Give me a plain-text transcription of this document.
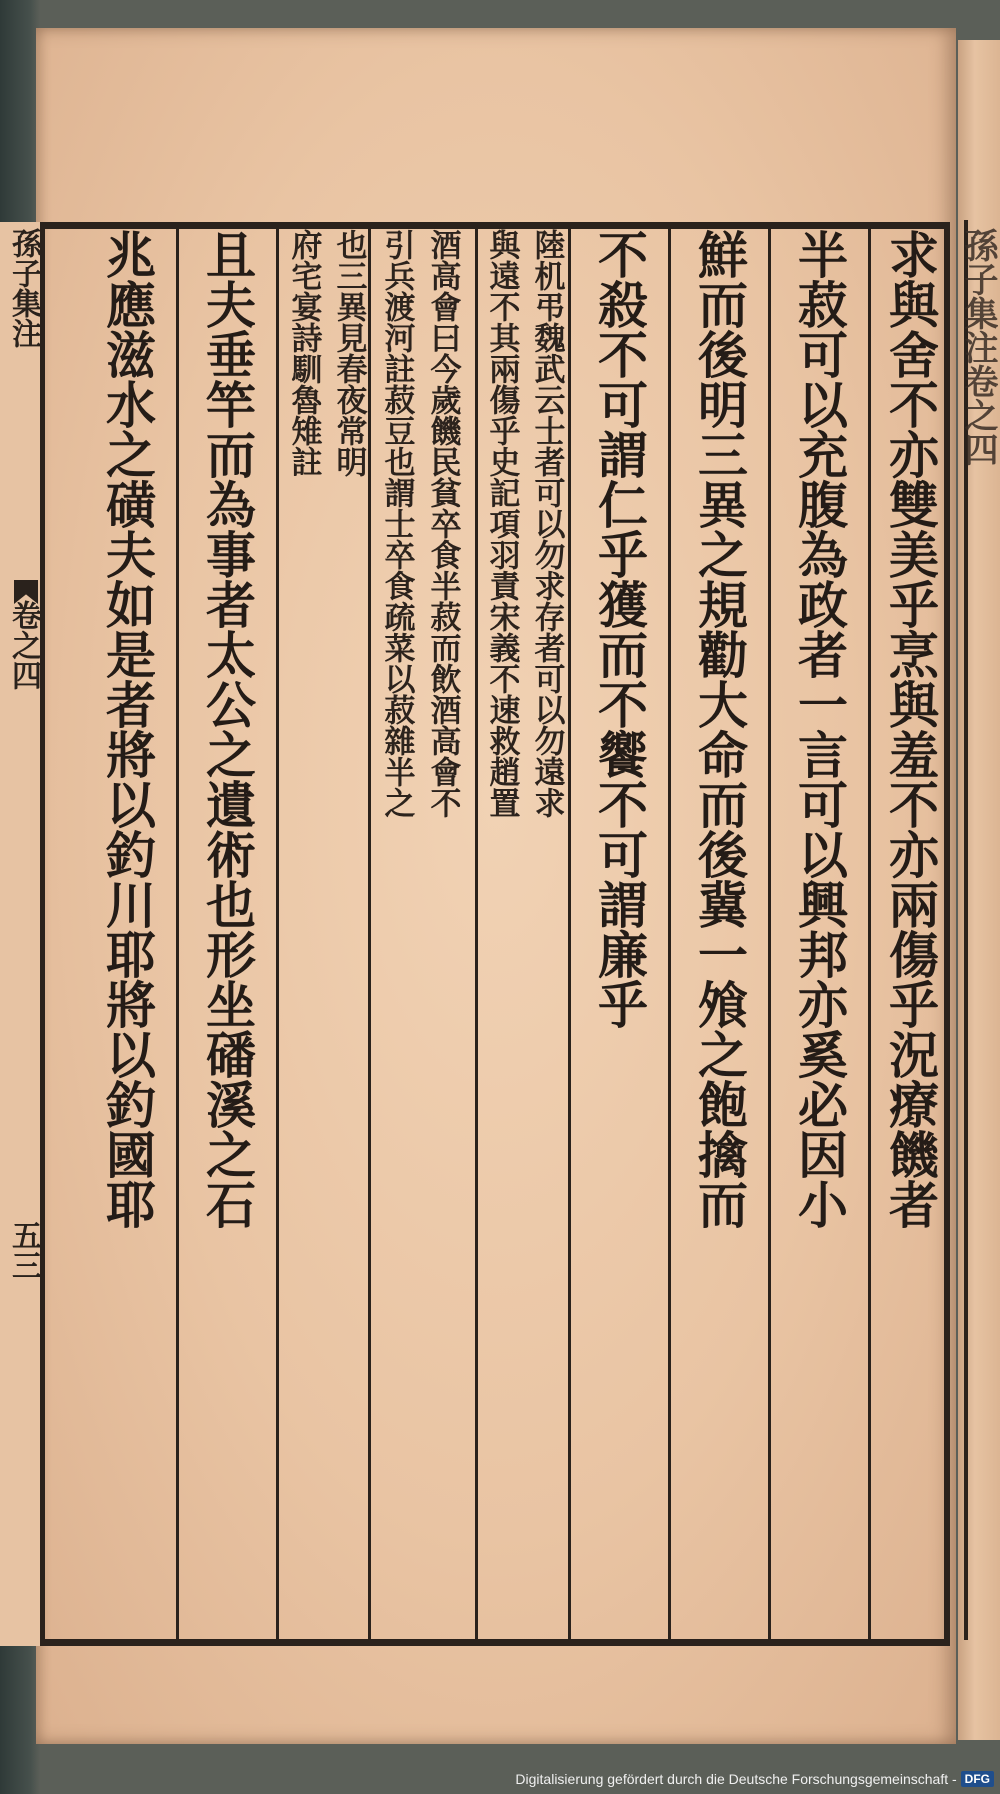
孫子集注
卷之四
五三
求與舍不亦雙美乎烹與羞不亦兩傷乎況療饑者
半菽可以充腹為政者一言可以興邦亦奚必因小
鮮而後明三異之規勸大命而後冀一飧之飽擒而
不殺不可謂仁乎獲而不饗不可謂廉乎
陸机弔魏武云士者可以勿求存者可以勿遠求
與遠不其兩傷乎史記項羽責宋義不速救趙置
酒高會曰今歲饑民貧卒食半菽而飲酒高會不
引兵渡河註菽豆也謂士卒食疏菜以菽雜半之
也三異見春夜常明
府宅宴詩馴魯雉註
且夫垂竿而為事者太公之遺術也形坐磻溪之石
兆應滋水之磺夫如是者將以釣川耶將以釣國耶	孫子集注卷之四
Digitalisierung gefördert durch die Deutsche Forschungsgemeinschaft - DFG
